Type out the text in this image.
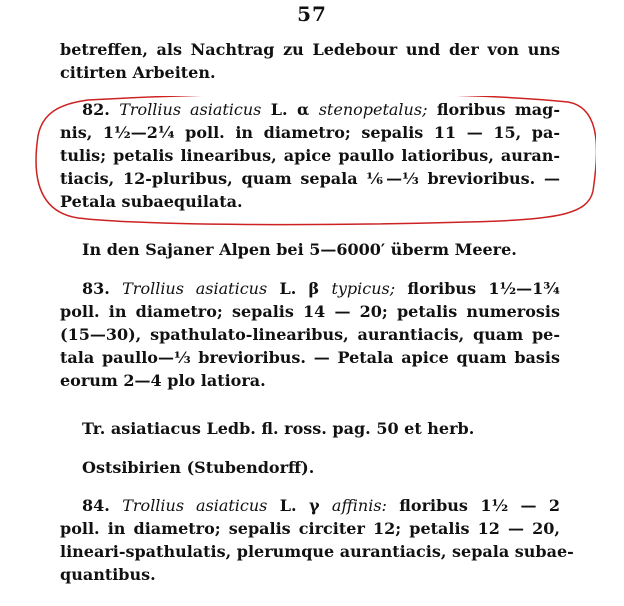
57
betreffen, als Nachtrag zu Ledebour und der von uns
citirten Arbeiten.
82. Trollius asiaticus L. α stenopetalus; floribus mag-
nis, 1½—2¼ poll. in diametro; sepalis 11 — 15, pa-
tulis; petalis linearibus, apice paullo latioribus, auran-
tiacis, 12-pluribus, quam sepala ⅙—⅓ brevioribus. —
Petala subaequilata.
In den Sajaner Alpen bei 5—6000′ überm Meere.
83. Trollius asiaticus L. β typicus; floribus 1½—1¾
poll. in diametro; sepalis 14 — 20; petalis numerosis
(15—30), spathulato-linearibus, aurantiacis, quam pe-
tala paullo—⅓ brevioribus. — Petala apice quam basis
eorum 2—4 plo latiora.
Tr. asiatiacus Ledb. fl. ross. pag. 50 et herb.
Ostsibirien (Stubendorff).
84. Trollius asiaticus L. γ affinis: floribus 1½ — 2
poll. in diametro; sepalis circiter 12; petalis 12 — 20,
lineari-spathulatis, plerumque aurantiacis, sepala subae-
quantibus.
